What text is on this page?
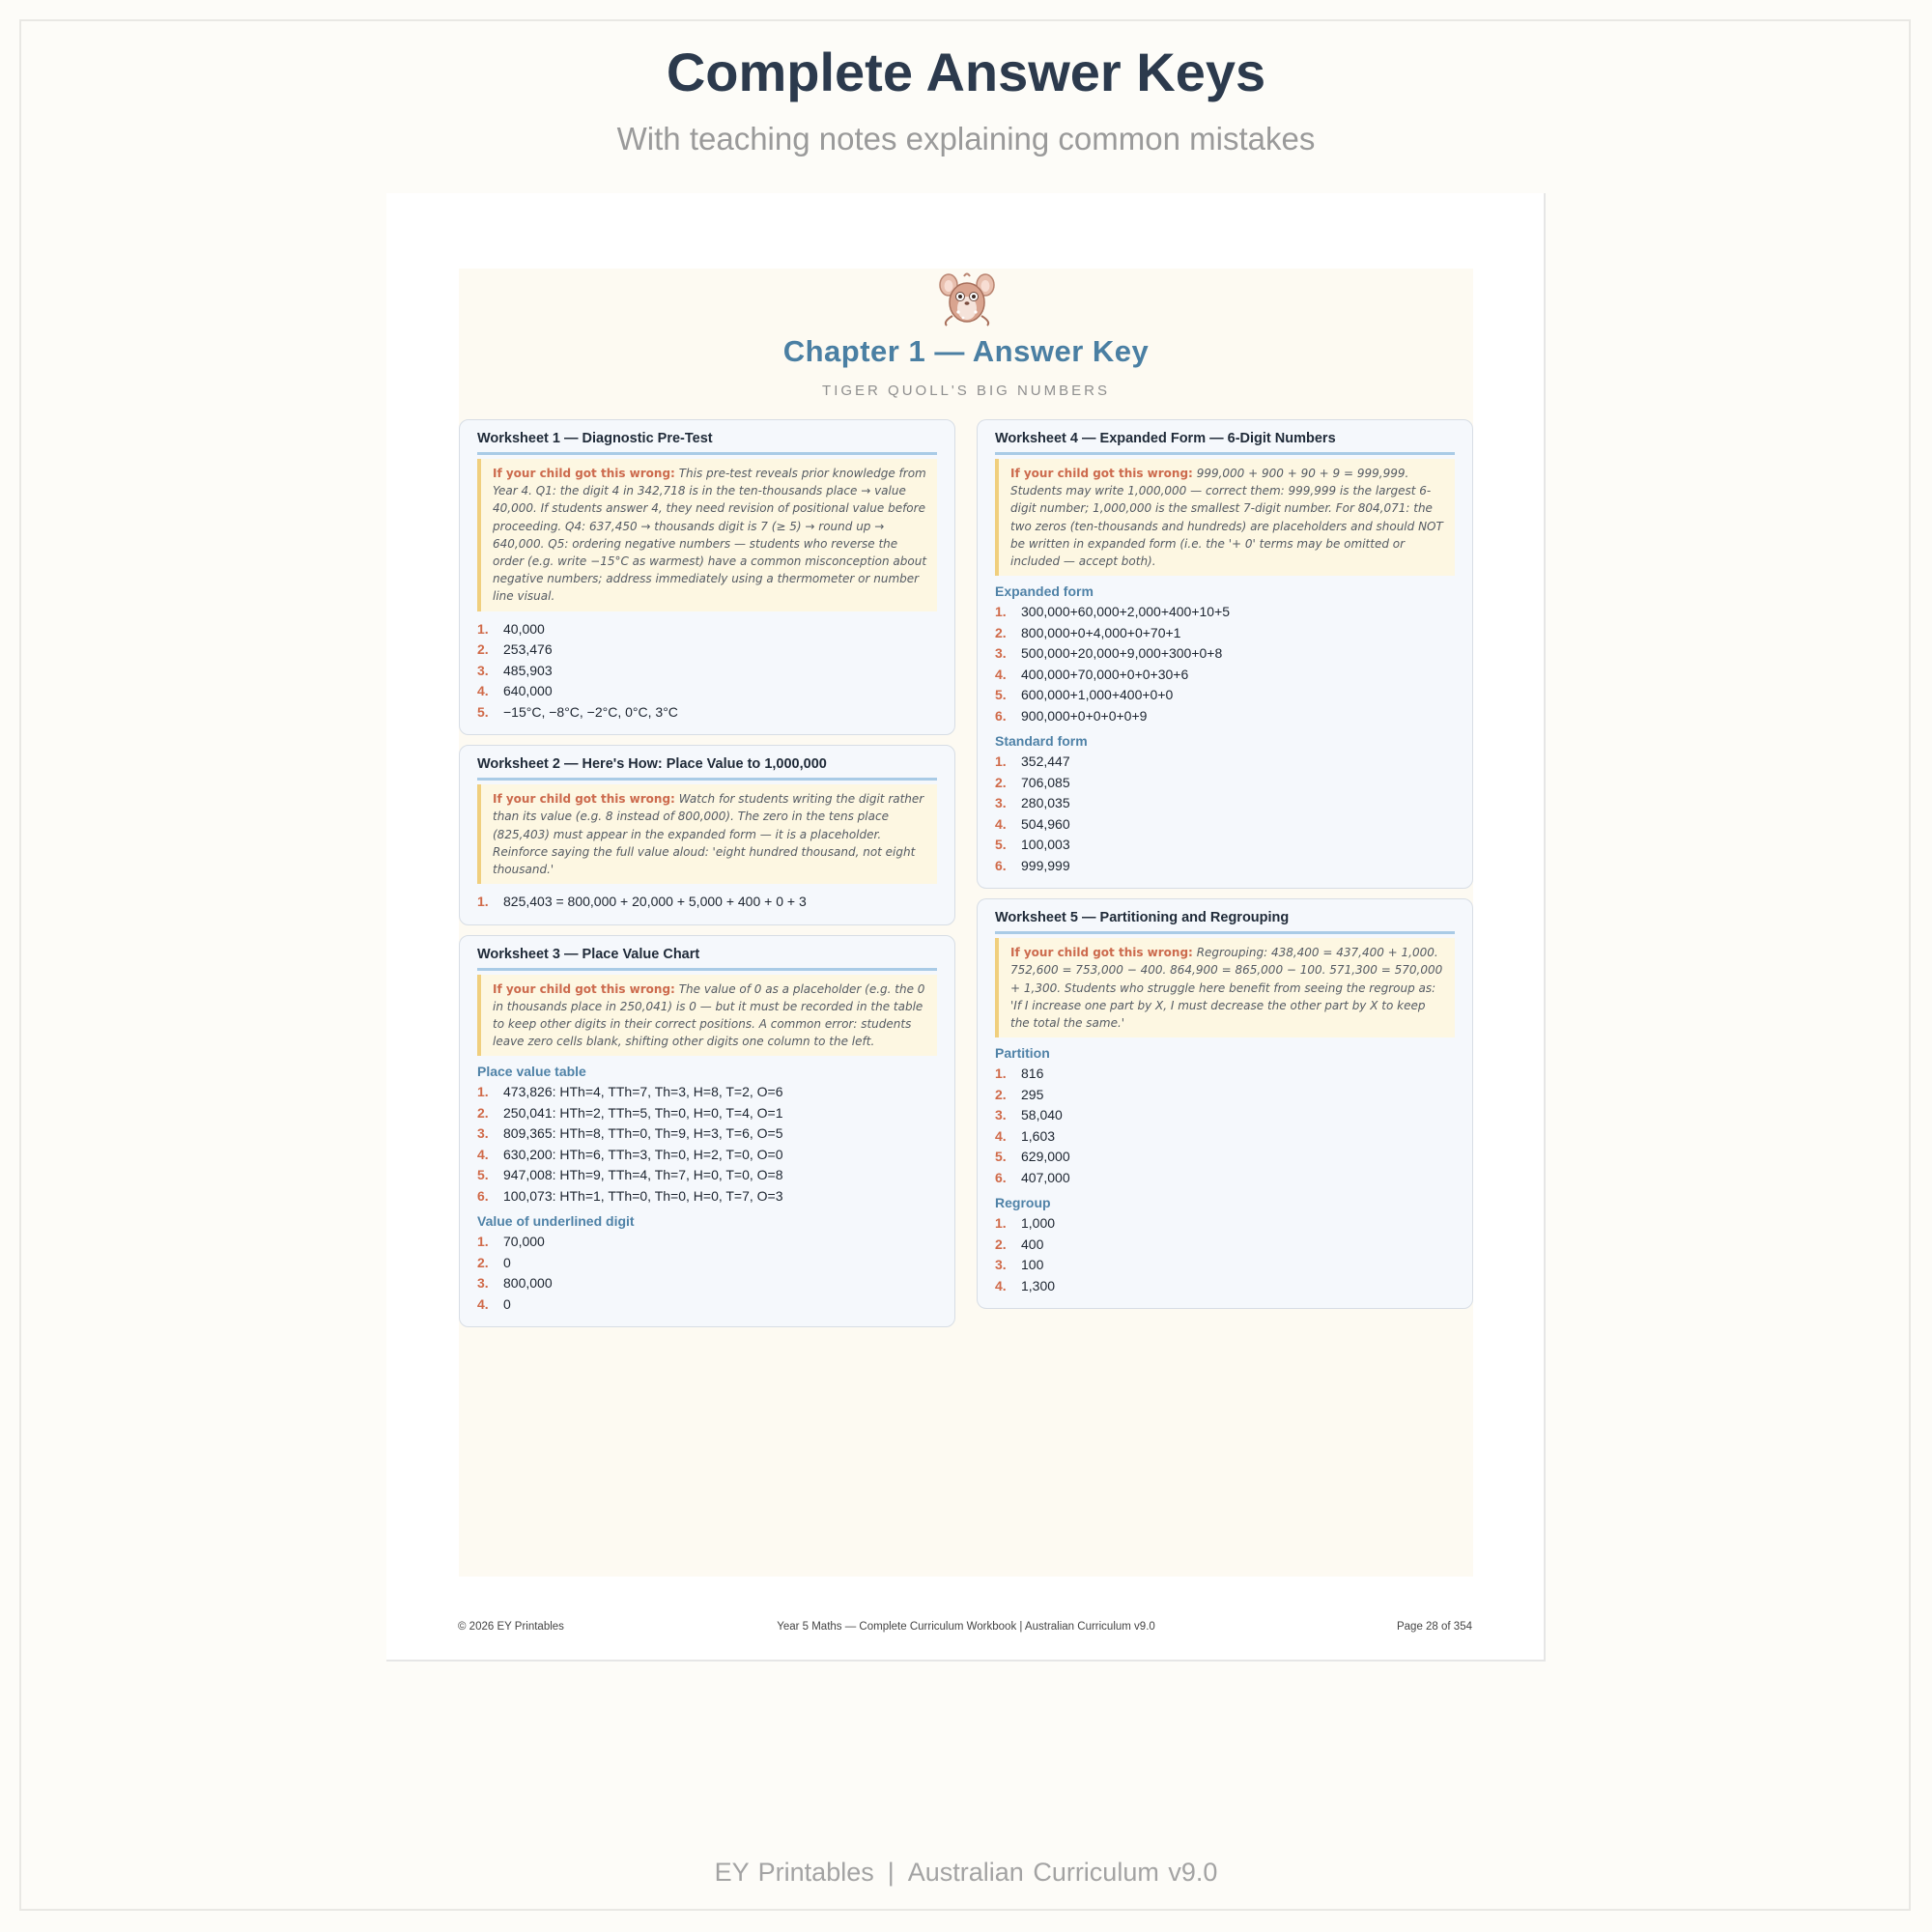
Complete Answer Keys
With teaching notes explaining common mistakes
Chapter 1 — Answer Key
TIGER QUOLL'S BIG NUMBERS
Worksheet 1 — Diagnostic Pre-Test
If your child got this wrong: This pre-test reveals prior knowledge from Year 4. Q1: the digit 4 in 342,718 is in the ten-thousands place → value 40,000. If students answer 4, they need revision of positional value before proceeding. Q4: 637,450 → thousands digit is 7 (≥ 5) → round up → 640,000. Q5: ordering negative numbers — students who reverse the order (e.g. write −15°C as warmest) have a common misconception about negative numbers; address immediately using a thermometer or number line visual.
1.	40,000
2.	253,476
3.	485,903
4.	640,000
5.	−15°C, −8°C, −2°C, 0°C, 3°C
Worksheet 2 — Here's How: Place Value to 1,000,000
If your child got this wrong: Watch for students writing the digit rather than its value (e.g. 8 instead of 800,000). The zero in the tens place (825,403) must appear in the expanded form — it is a placeholder. Reinforce saying the full value aloud: 'eight hundred thousand, not eight thousand.'
1.	825,403 = 800,000 + 20,000 + 5,000 + 400 + 0 + 3
Worksheet 3 — Place Value Chart
If your child got this wrong: The value of 0 as a placeholder (e.g. the 0 in thousands place in 250,041) is 0 — but it must be recorded in the table to keep other digits in their correct positions. A common error: students leave zero cells blank, shifting other digits one column to the left.
Place value table
1.	473,826: HTh=4, TTh=7, Th=3, H=8, T=2, O=6
2.	250,041: HTh=2, TTh=5, Th=0, H=0, T=4, O=1
3.	809,365: HTh=8, TTh=0, Th=9, H=3, T=6, O=5
4.	630,200: HTh=6, TTh=3, Th=0, H=2, T=0, O=0
5.	947,008: HTh=9, TTh=4, Th=7, H=0, T=0, O=8
6.	100,073: HTh=1, TTh=0, Th=0, H=0, T=7, O=3
Value of underlined digit
1.	70,000
2.	0
3.	800,000
4.	0
Worksheet 4 — Expanded Form — 6-Digit Numbers
If your child got this wrong: 999,000 + 900 + 90 + 9 = 999,999. Students may write 1,000,000 — correct them: 999,999 is the largest 6-digit number; 1,000,000 is the smallest 7-digit number. For 804,071: the two zeros (ten-thousands and hundreds) are placeholders and should NOT be written in expanded form (i.e. the '+ 0' terms may be omitted or included — accept both).
Expanded form
1.	300,000+60,000+2,000+400+10+5
2.	800,000+0+4,000+0+70+1
3.	500,000+20,000+9,000+300+0+8
4.	400,000+70,000+0+0+30+6
5.	600,000+1,000+400+0+0
6.	900,000+0+0+0+0+9
Standard form
1.	352,447
2.	706,085
3.	280,035
4.	504,960
5.	100,003
6.	999,999
Worksheet 5 — Partitioning and Regrouping
If your child got this wrong: Regrouping: 438,400 = 437,400 + 1,000. 752,600 = 753,000 − 400. 864,900 = 865,000 − 100. 571,300 = 570,000 + 1,300. Students who struggle here benefit from seeing the regroup as: 'If I increase one part by X, I must decrease the other part by X to keep the total the same.'
Partition
1.	816
2.	295
3.	58,040
4.	1,603
5.	629,000
6.	407,000
Regroup
1.	1,000
2.	400
3.	100
4.	1,300
© 2026 EY Printables	Year 5 Maths — Complete Curriculum Workbook | Australian Curriculum v9.0	Page 28 of 354
EY Printables | Australian Curriculum v9.0
